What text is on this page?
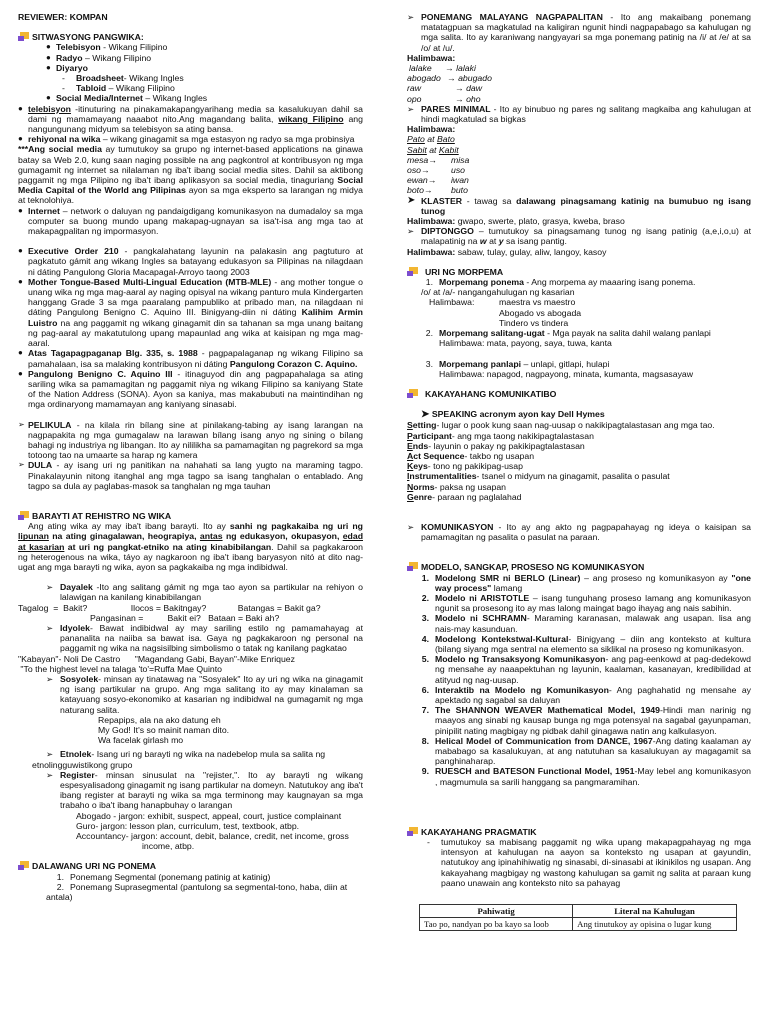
REVIEWER: KOMPAN

SITWASYONG PANGWIKA:
● Telebisyon - Wikang Filipino
● Radyo – Wikang Filipino
● Diyaryo
-	Broadsheet- Wikang Ingles
-	Tabloid – Wikang Filipino
● Social Media/Internet – Wikang Ingles
● telebisyon -itinuturing na pinakamakapangyarihang media sa kasalukuyan dahil sa dami ng mamamayang naaabot nito.Ang magandang balita, wikang Filipino ang nangungunang midyum sa telebisyon sa ating bansa.
● rehiyonal na wika – wikang ginagamit sa mga estasyon ng radyo sa mga probinsiya

***Ang social media ay tumutukoy sa grupo ng internet-based applications na ginawa batay sa Web 2.0, kung saan naging possible na ang pagkontrol at kontribusyon ng mga gumagamit ng internet sa nilalaman ng iba't ibang social media sites. Dahil sa aktibong paggamit ng mga Pilipino ng iba't ibang aplikasyon sa social media, tinaguriang Social Media Capital of the World ang Pilipinas ayon sa mga eksperto sa larangan ng midya at teknolohiya.

● Internet – network o daluyan ng pandaigdigang komunikasyon na dumadaloy sa mga computer sa buong mundo upang makapag-ugnayan sa isa't-isa ang mga tao at makapagpalitan ng impormasyon.
● Executive Order 210 - pangkalahatang layunin na palakasin ang pagtuturo at pagkatuto gámit ang wikang Ingles sa batayang edukasyon sa Pilipinas na nilagdaan ni dáting Pangulong Gloria Macapagal-Arroyo taong 2003
● Mother Tongue-Based Multi-Lingual Education (MTB-MLE) - ang mother tongue o unang wika ng mga mag-aaral ay naging opisyal na wikang panturo mula Kindergarten hanggang Grade 3 sa mga paaralang pampubliko at pribado man, na nilagdaan ni dáting Pangulong Benigno C. Aquino III. Binigyang-diin ni dáting Kalihim Armin Luistro na ang paggamit ng wikang ginagamit din sa tahanan sa mga unang baitang ng pag-aaral ay makatutulong upang mapaunlad ang wika at kaisipan ng mga mag-aaral.
● Atas Tagapagpaganap Blg. 335, s. 1988 - pagpapalaganap ng wikang Filipino sa pamahalaan, isa sa malaking kontribusyon ni dáting Pangulong Corazon C. Aquino.
● Pangulong Benigno C. Aquino III - itinaguyod din ang pagpapahalaga sa ating sariling wika sa pamamagitan ng paggamit niya ng wikang Filipino sa kaniyang State of the Nation Address (SONA). Ayon sa kaniya, mas makabubuti na maintindihan ng mga ordinaryong mamamayan ang kaniyang sinasabi.
➢ PELIKULA - na kilala rin bílang sine at pinilakang-tabing ay isang larangan na nagpapakita ng mga gumagalaw na larawan bílang isang anyo ng sining o bílang bahagi ng industriya ng libangan. Ito ay nililikha sa pamamagitan ng pagrekord sa mga totoong tao na umaarte sa harap ng kamera
➢ DULA - ay isang uri ng panitikan na nahahati sa lang yugto na maraming tagpo. Pinakalayunin nitong itanghal ang mga tagpo sa isang tanghalan o entablado. Ang tagpo sa dula ay paglabas-masok sa tanghalan ng mga tauhan
BARAYTI AT REHISTRO NG WIKA

Ang ating wika ay may iba't ibang barayti. Ito ay sanhi ng pagkakaiba ng uri ng lipunan na ating ginagalawan, heograpiya, antas ng edukasyon, okupasyon, edad at kasarian at uri ng pangkat-etniko na ating kinabibilangan. Dahil sa pagkakaroon ng heterogenous na wika, táyo ay nagkaroon ng iba't ibang baryasyon nitó at dito nag-ugat ang mga barayti ng wika, ayon sa pagkakaiba ng mga indibidwal.

➢ Dayalek -Ito ang salitang gámit ng mga tao ayon sa partikular na rehiyon o lalawigan na kanilang kinabibilangan

Tagalog  =  Bakit?                  Ilocos = Bakitngay?             Batangas = Bakit ga?

Pangasinan =          Bakit ei?   Bataan = Baki ah?

➢ Idyolek- Bawat indibidwal ay may sariling estilo ng pamamahayag at pananalita na naiiba sa bawat isa. Gaya ng pagkakaroon ng personal na paggamit ng wika na nagsisilbing simbolismo o tatak ng kanilang pagkatao

"Kabayan"- Noli De Castro      "Magandang Gabi, Bayan"-Mike Enriquez

"To the highest level na talaga 'to'=Ruffa Mae Quinto

➢ Sosyolek- minsan ay tinatawag na "Sosyalek" Ito ay uri ng wika na ginagamit ng isang partikular na grupo. Ang mga salitang ito ay may kinalaman sa katayuang sosyo-ekonomiko at kasarian ng indibidwal na gumagamit ng mga naturang salita.

Repapips, ala na ako datung eh

My God! It's so mainit naman dito.

Wa facelak girlash mo

➢ Etnolek- Isang uri ng barayti ng wika na nadebelop mula sa salita ng

etnolingguwistikong grupo

➢ Register- minsan sinusulat na "rejister,". Ito ay barayti ng wikang espesyalisadong ginagamit ng isang partikular na domeyn. Natutukoy ang iba't ibang register at barayti ng wika sa mga terminong may kaugnayan sa mga trabaho o iba't ibang hanapbuhay o larangan

Abogado - jargon: exhibit, suspect, appeal, court, justice complainant

Guro- jargon: lesson plan, curriculum, test, textbook, atbp.

Accountancy- jargon: account, debit, balance, credit, net income, gross

income, atbp.

DALAWANG URI NG PONEMA
1. Ponemang Segmental (ponemang patinig at katinig)
2. Ponemang Suprasegmental (pantulong sa segmental-tono, haba, diin at

antala)

➢ PONEMANG MALAYANG NAGPAPALITAN - Ito ang makaibang ponemang matatagpuan sa magkatulad na kaligiran ngunit hindi nagpapabago sa kahulugan ng mga salita. Ito ay karaniwang nangyayari sa mga ponemang patinig na /i/ at /e/ at sa /o/ at /u/.

Halimbawa:

lalake	→ lalaki
abogado → abugado
raw	→ daw
opo	→ oho
➢ PARES MINIMAL - Ito ay binubuo ng pares ng salitang magkaiba ang kahulugan at hindi magkatulad sa bigkas

Halimbawa:

Pato at Bato

Sabit at Kabit

mesa→	misa
oso→	uso
ewan→	iwan
boto→	buto
➤ KLASTER - tawag sa dalawang pinagsamang katinig na bumubuo ng isang tunog

Halimbawa: gwapo, swerte, plato, grasya, kweba, braso

➢ DIPTONGGO – tumutukoy sa pinagsamang tunog ng isang patinig (a,e,i,o,u) at malapatinig na w at y sa isang pantig.

Halimbawa: sabaw, tulay, gulay, aliw, langoy, kasoy

URI NG MORPEMA
1. Morpemang ponema - Ang morpema ay maaaring isang ponema.

/o/ at /a/- nangangahulugan ng kasarian

Halimbawa:	maestra vs maestro

Abogado vs abogada

Tindero vs tindera

2. Morpemang salitang-ugat - Mga payak na salita dahil walang panlapi

Halimbawa: mata, payong, saya, tuwa, kanta

3. Morpemang panlapi – unlapi, gitlapi, hulapi

Halimbawa: napagod, nagpayong, minata, kumanta, magsasayaw

KAKAYAHANG KOMUNIKATIBO

➤ SPEAKING acronym ayon kay Dell Hymes

Setting- lugar o pook kung saan nag-uusap o nakikipagtalastasan ang mga tao.

Participant- ang mga taong nakikipagtalastasan

Ends- layunin o pakay ng pakikipagtalastasan

Act Sequence- takbo ng usapan

Keys- tono ng pakikipag-usap

Instrumentalities- tsanel o midyum na ginagamit, pasalita o pasulat

Norms- paksa ng usapan

Genre- paraan ng paglalahad

➢ KOMUNIKASYON - Ito ay ang akto ng pagpapahayag ng ideya o kaisipan sa pamamagitan ng pasalita o pasulat na paraan.
MODELO, SANGKAP, PROSESO NG KOMUNIKASYON
1. Modelong SMR ni BERLO (Linear) – ang proseso ng komunikasyon ay "one way process" lamang
2. Modelo ni ARISTOTLE – isang tunguhang proseso lamang ang komunikasyon ngunit sa prosesong ito ay mas lalong maingat bago ihayag ang nais sabihin.
3. Modelo ni SCHRAMN- Maraming karanasan, malawak ang usapan. lisa ang nais-may kasunduan.
4. Modelong Kontekstwal-Kultural- Binigyang – diin ang konteksto at kultura (bilang siyang mga sentral na elemento sa siklikal na proseso ng komunikasyon.
5. Modelo ng Transaksyong Komunikasyon- ang pag-eenkowd at pag-dedekowd ng mensahe ay naaapektuhan ng layunin, kaalaman, kasanayan, kredibilidad at atityud ng nag-uusap.
6. Interaktib na Modelo ng Komunikasyon- Ang paghahatid ng mensahe ay apektado ng sagabal sa daluyan
7. The SHANNON WEAVER Mathematical Model, 1949-Hindi man narinig ng maayos ang sinabi ng kausap bunga ng mga potensyal na sagabal gayunpaman, pinipilit nating magbigay ng pidbak dahil ginagawa natin ang kalkulasyon.
8. Helical Model of Communication from DANCE, 1967-Ang dating kaalaman ay mababago sa kasalukuyan, at ang natutuhan sa kasalukuyan ay magagamit sa panghinaharap.
9. RUESCH and BATESON Functional Model, 1951-May lebel ang komunikasyon , magmumula sa sarili hanggang sa pangmaramihan.
KAKAYAHANG PRAGMATIK
-	tumutukoy sa mabisang paggamit ng wika upang makapagpahayag ng mga intensyon at kahulugan na aayon sa konteksto ng usapan at gayundin, natutukoy ang ipinahihiwatig ng sinasabi, di-sinasabi at ikinikilos ng usapan. Ang kakayahang magbigay ng wastong kahulugan sa gamit ng salita at paraan kung paano unawain ang konteksto nito sa pahayag
Pahiwatig	Literal na Kahulugan
Tao po, nandyan po ba kayo sa loob	Ang tinutukoy ay opisina o lugar kung
